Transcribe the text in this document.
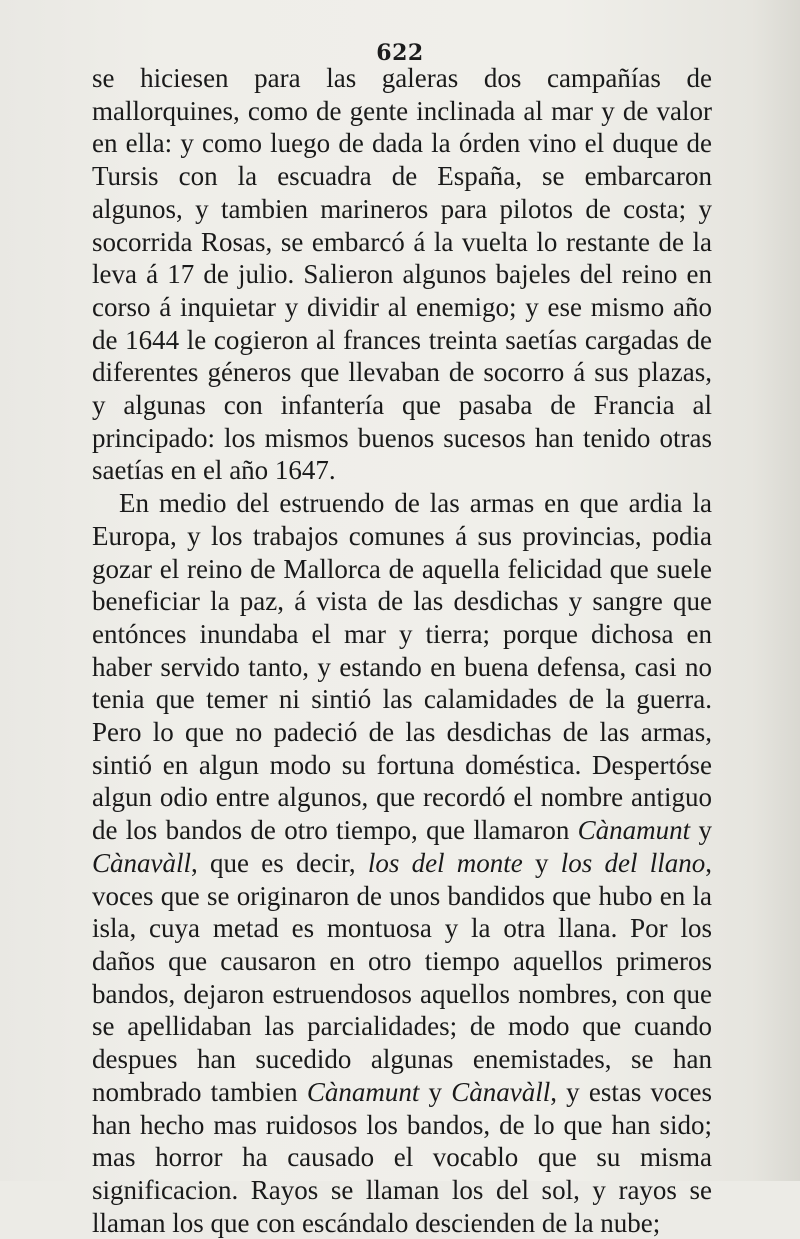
622

se hiciesen para las galeras dos campañías de mallorquines, como de gente inclinada al mar y de valor en ella: y como luego de dada la órden vino el duque de Tursis con la escuadra de España, se embarcaron algunos, y tambien marineros para pilotos de costa; y socorrida Rosas, se embarcó á la vuelta lo restante de la leva á 17 de julio. Salieron algunos bajeles del reino en corso á inquietar y dividir al enemigo; y ese mismo año de 1644 le cogieron al frances treinta saetías cargadas de diferentes géneros que llevaban de socorro á sus plazas, y algunas con infantería que pasaba de Francia al principado: los mismos buenos sucesos han tenido otras saetías en el año 1647.

En medio del estruendo de las armas en que ardia la Europa, y los trabajos comunes á sus provincias, podia gozar el reino de Mallorca de aquella felicidad que suele beneficiar la paz, á vista de las desdichas y sangre que entónces inundaba el mar y tierra; porque dichosa en haber servido tanto, y estando en buena defensa, casi no tenia que temer ni sintió las calamidades de la guerra. Pero lo que no padeció de las desdichas de las armas, sintió en algun modo su fortuna doméstica. Despertóse algun odio entre algunos, que recordó el nombre antiguo de los bandos de otro tiempo, que llamaron Cànamunt y Cànavàll, que es decir, los del monte y los del llano, voces que se originaron de unos bandidos que hubo en la isla, cuya metad es montuosa y la otra llana. Por los daños que causaron en otro tiempo aquellos primeros bandos, dejaron estruendosos aquellos nombres, con que se apellidaban las parcialidades; de modo que cuando despues han sucedido algunas enemistades, se han nombrado tambien Cànamunt y Cànavàll, y estas voces han hecho mas ruidosos los bandos, de lo que han sido; mas horror ha causado el vocablo que su misma significacion. Rayos se llaman los del sol, y rayos se llaman los que con escándalo descienden de la nube;
